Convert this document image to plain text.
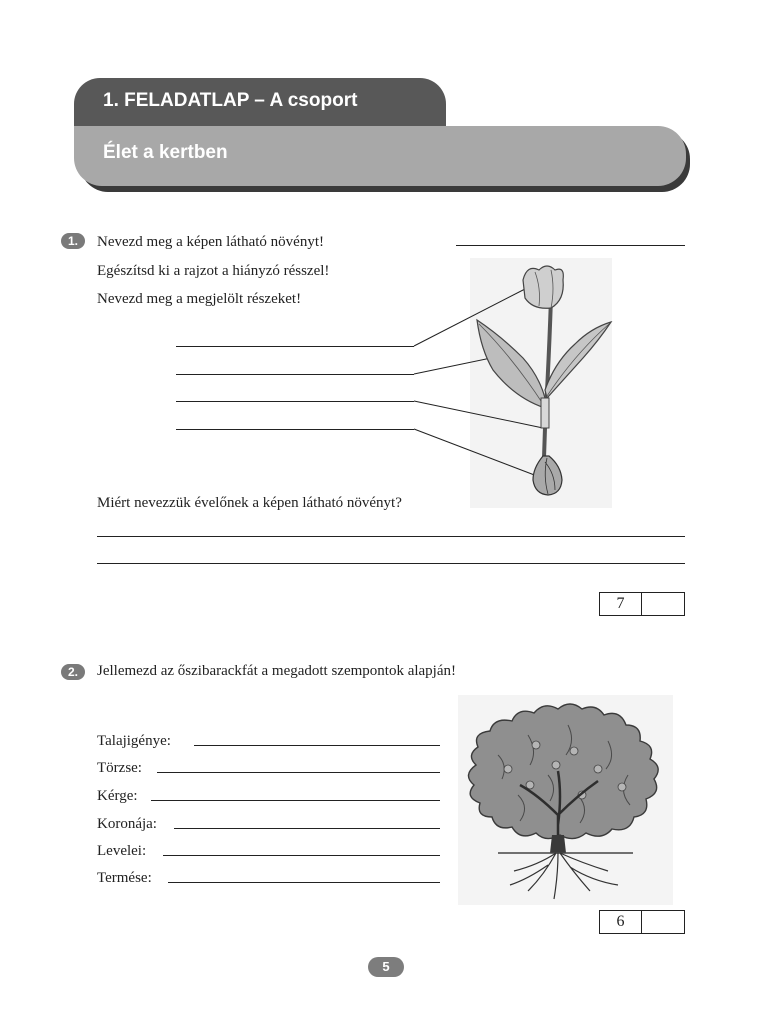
1. FELADATLAP – A csoport
Élet a kertben
1.	Nevezd meg a képen látható növényt!
Egészítsd ki a rajzot a hiányzó résszel!
Nevezd meg a megjelölt részeket!
Miért nevezzük évelőnek a képen látható növényt?
7
2.	Jellemezd az őszibarackfát a megadott szempontok alapján!
Talajigénye:
Törzse:
Kérge:
Koronája:
Levelei:
Termése:
6
5
